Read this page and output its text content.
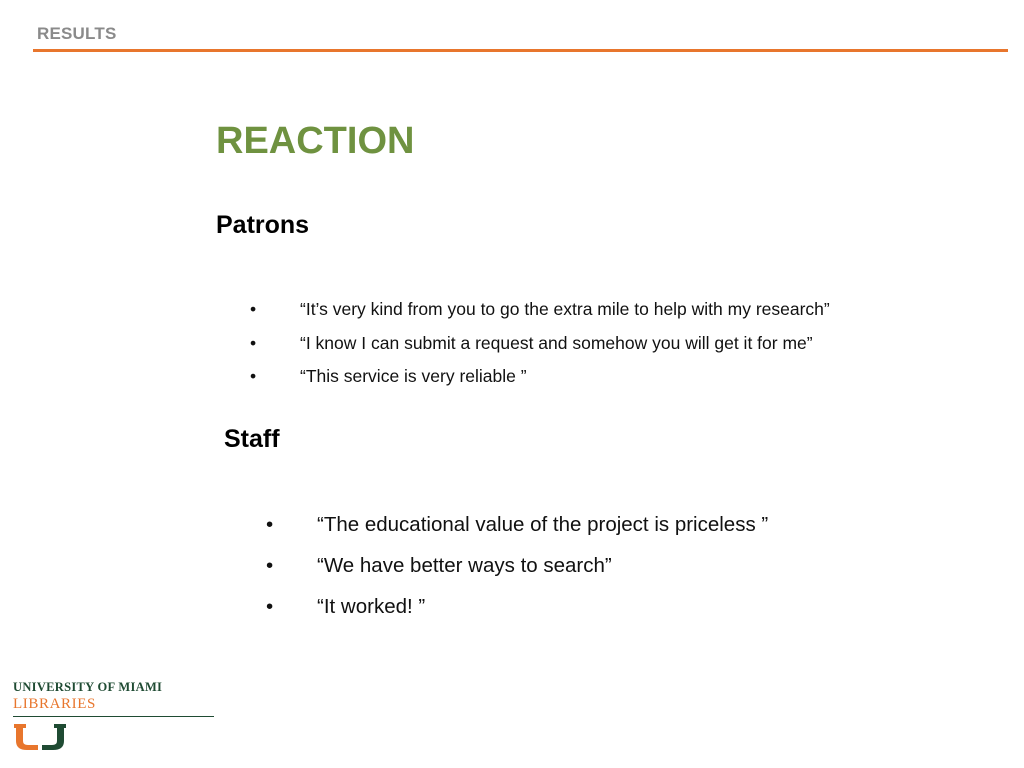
RESULTS
REACTION
Patrons
•	“It’s very kind from you to go the extra mile to help with my research”
•	“I know I can submit a request and somehow you will get it for me”
•	“This service is very reliable ”
Staff
• “The educational value of the project is priceless ”
• “We have better ways to search”
• “It worked! ”
UNIVERSITY OF MIAMI
LIBRARIES
